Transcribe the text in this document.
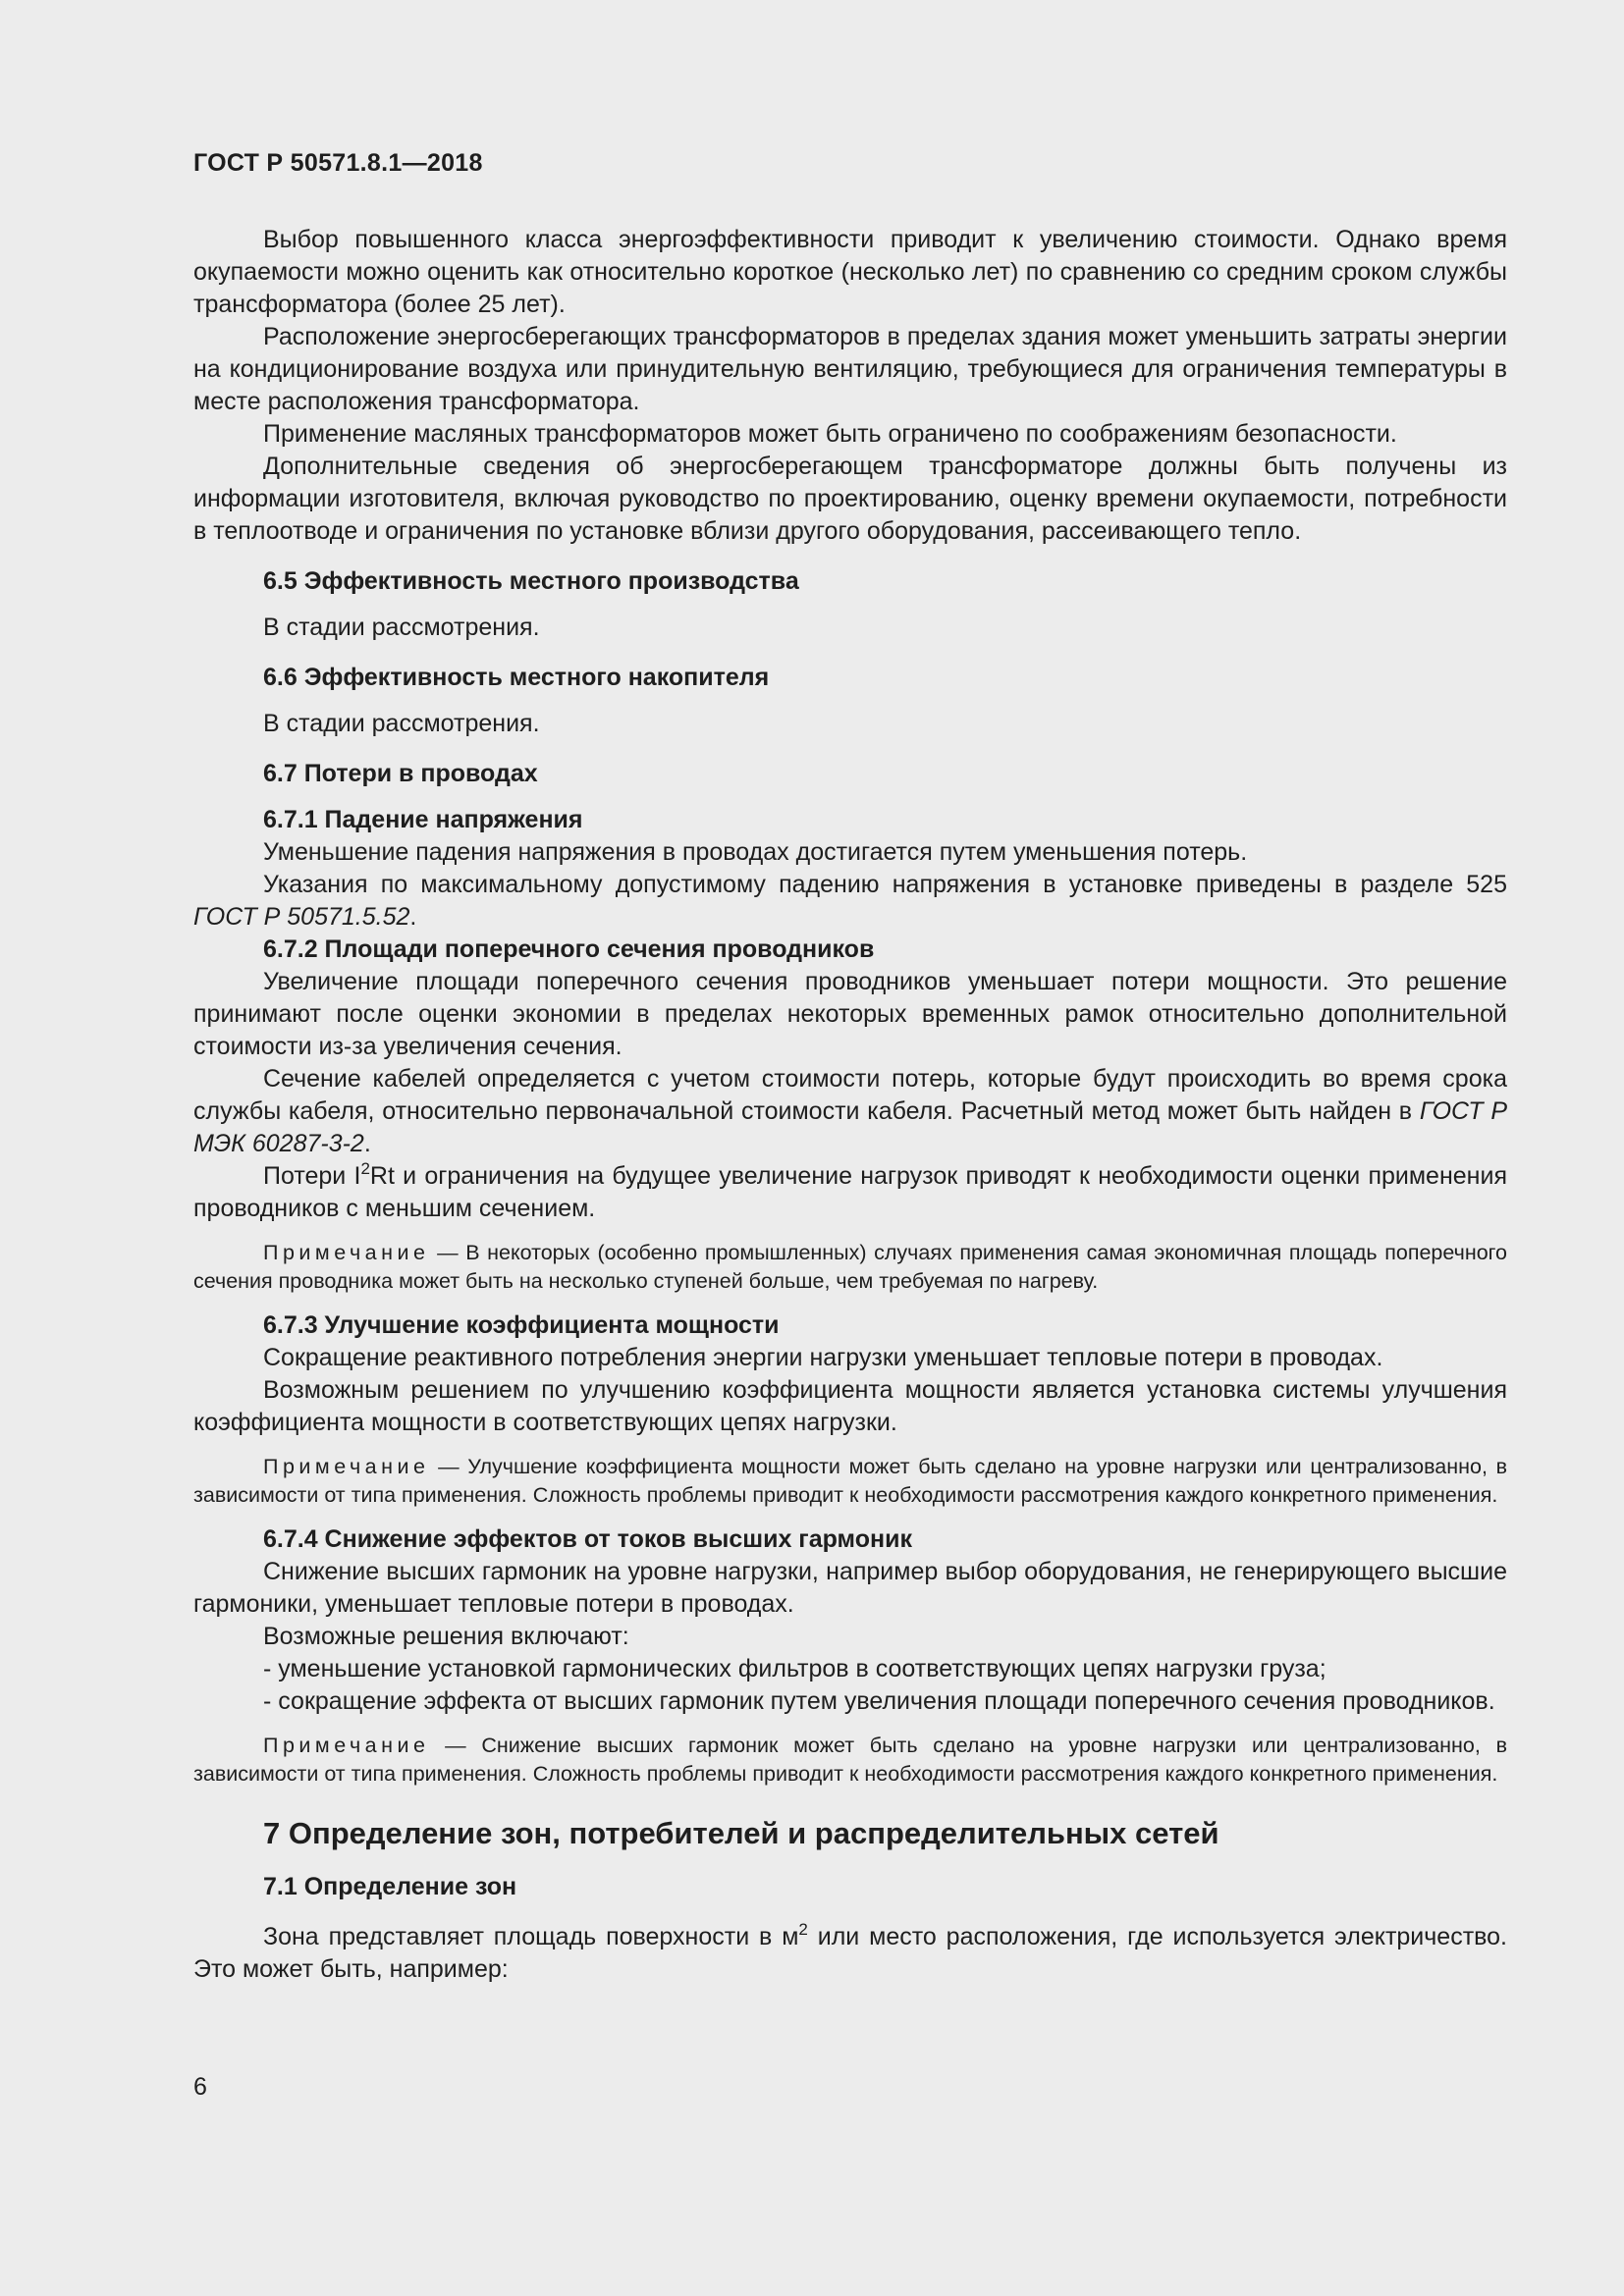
ГОСТ Р 50571.8.1—2018

Выбор повышенного класса энергоэффективности приводит к увеличению стоимости. Однако время окупаемости можно оценить как относительно короткое (несколько лет) по сравнению со средним сроком службы трансформатора (более 25 лет).

Расположение энергосберегающих трансформаторов в пределах здания может уменьшить затраты энергии на кондиционирование воздуха или принудительную вентиляцию, требующиеся для ограничения температуры в месте расположения трансформатора.

Применение масляных трансформаторов может быть ограничено по соображениям безопасности.

Дополнительные сведения об энергосберегающем трансформаторе должны быть получены из информации изготовителя, включая руководство по проектированию, оценку времени окупаемости, потребности в теплоотводе и ограничения по установке вблизи другого оборудования, рассеивающего тепло.

6.5 Эффективность местного производства

В стадии рассмотрения.

6.6 Эффективность местного накопителя

В стадии рассмотрения.

6.7 Потери в проводах
6.7.1 Падение напряжения

Уменьшение падения напряжения в проводах достигается путем уменьшения потерь.

Указания по максимальному допустимому падению напряжения в установке приведены в разделе 525 ГОСТ Р 50571.5.52.

6.7.2 Площади поперечного сечения проводников

Увеличение площади поперечного сечения проводников уменьшает потери мощности. Это решение принимают после оценки экономии в пределах некоторых временных рамок относительно дополнительной стоимости из-за увеличения сечения.

Сечение кабелей определяется с учетом стоимости потерь, которые будут происходить во время срока службы кабеля, относительно первоначальной стоимости кабеля. Расчетный метод может быть найден в ГОСТ Р МЭК 60287-3-2.

Потери $I^2Rt$ и ограничения на будущее увеличение нагрузок приводят к необходимости оценки применения проводников с меньшим сечением.

Примечание — В некоторых (особенно промышленных) случаях применения самая экономичная площадь поперечного сечения проводника может быть на несколько ступеней больше, чем требуемая по нагреву.

6.7.3 Улучшение коэффициента мощности

Сокращение реактивного потребления энергии нагрузки уменьшает тепловые потери в проводах.

Возможным решением по улучшению коэффициента мощности является установка системы улучшения коэффициента мощности в соответствующих цепях нагрузки.

Примечание — Улучшение коэффициента мощности может быть сделано на уровне нагрузки или централизованно, в зависимости от типа применения. Сложность проблемы приводит к необходимости рассмотрения каждого конкретного применения.

6.7.4 Снижение эффектов от токов высших гармоник

Снижение высших гармоник на уровне нагрузки, например выбор оборудования, не генерирующего высшие гармоники, уменьшает тепловые потери в проводах.

Возможные решения включают:

- уменьшение установкой гармонических фильтров в соответствующих цепях нагрузки груза;

- сокращение эффекта от высших гармоник путем увеличения площади поперечного сечения проводников.

Примечание — Снижение высших гармоник может быть сделано на уровне нагрузки или централизованно, в зависимости от типа применения. Сложность проблемы приводит к необходимости рассмотрения каждого конкретного применения.

7 Определение зон, потребителей и распределительных сетей
7.1 Определение зон

Зона представляет площадь поверхности в $м^2$ или место расположения, где используется электричество. Это может быть, например:

6
